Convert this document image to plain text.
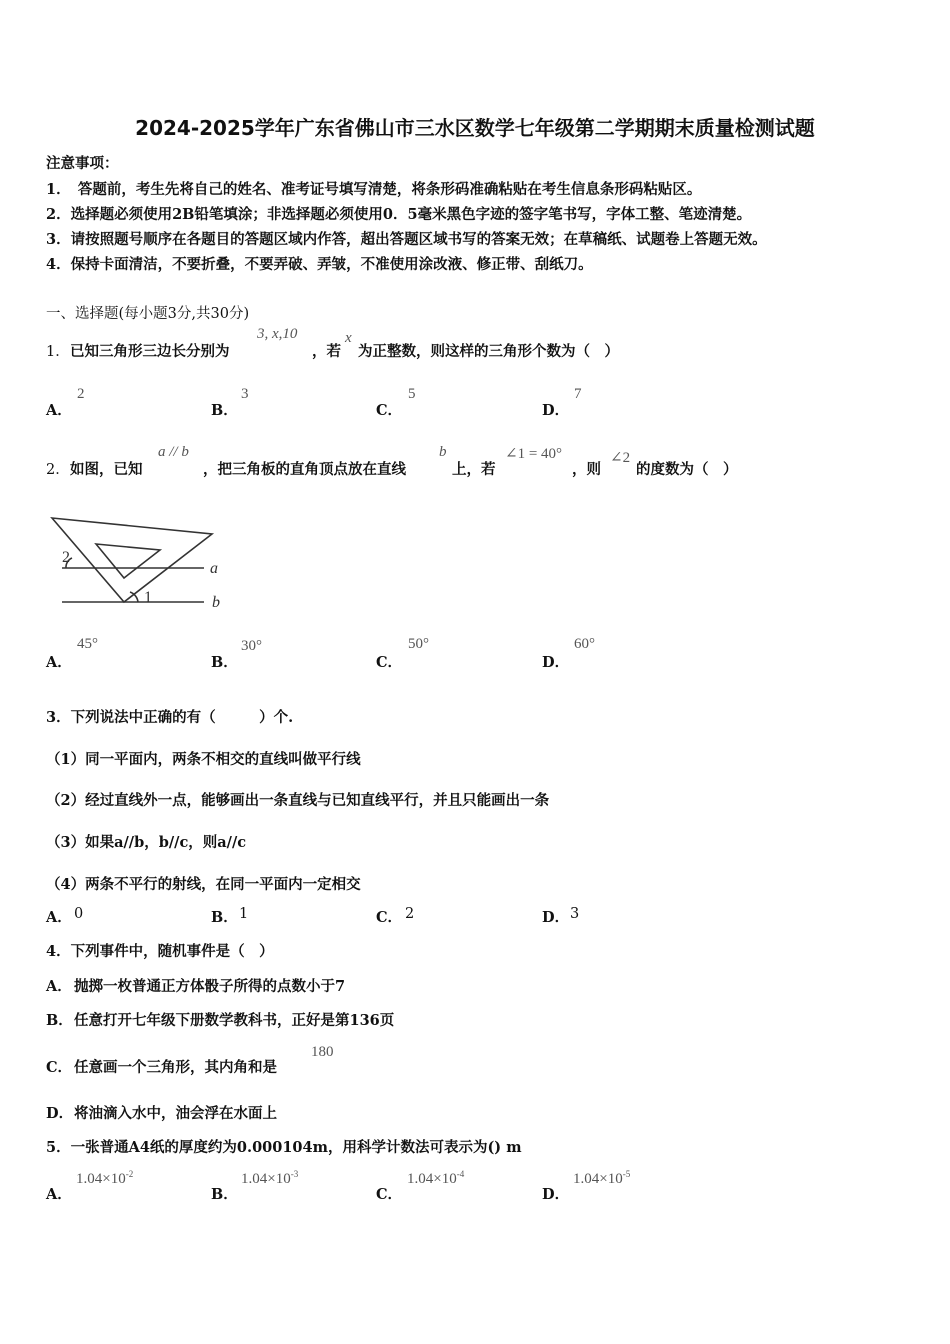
2024-2025学年广东省佛山市三水区数学七年级第二学期期末质量检测试题
注意事项：
1．　答题前，考生先将自己的姓名、准考证号填写清楚，将条形码准确粘贴在考生信息条形码粘贴区。
2．选择题必须使用2B铅笔填涂；非选择题必须使用0．5毫米黑色字迹的签字笔书写，字体工整、笔迹清楚。
3．请按照题号顺序在各题目的答题区域内作答，超出答题区域书写的答案无效；在草稿纸、试题卷上答题无效。
4．保持卡面清洁，不要折叠，不要弄破、弄皱，不准使用涂改液、修正带、刮纸刀。
一、选择题(每小题3分,共30分)
1． 已知三角形三边长分别为
3, x,10
，若
x
为正整数，则这样的三角形个数为（　）
A．
2
B．
3
C．
5
D．
7
2． 如图，已知
a // b
，把三角板的直角顶点放在直线
b
上，若
∠1 = 40°
，则
∠2
的度数为（　）
a
b
1
2
A．
45°
B．
30°
C．
50°
D．
60°
3．下列说法中正确的有（　　　）个.
（1）同一平面内，两条不相交的直线叫做平行线
（2）经过直线外一点，能够画出一条直线与已知直线平行，并且只能画出一条
（3）如果a//b，b//c，则a//c
（4）两条不平行的射线，在同一平面内一定相交
A． 0	B． 1	C． 2	D． 3
4．下列事件中，随机事件是（　）
A． 抛掷一枚普通正方体骰子所得的点数小于7
B． 任意打开七年级下册数学教科书，正好是第136页
C． 任意画一个三角形，其内角和是
180
D． 将油滴入水中，油会浮在水面上
5．一张普通A4纸的厚度约为0.000104m，用科学计数法可表示为() m
A．
$1.04\times 10^{-2}$
B．
$1.04\times 10^{-3}$
C．
$1.04\times 10^{-4}$
D．
$1.04\times 10^{-5}$
